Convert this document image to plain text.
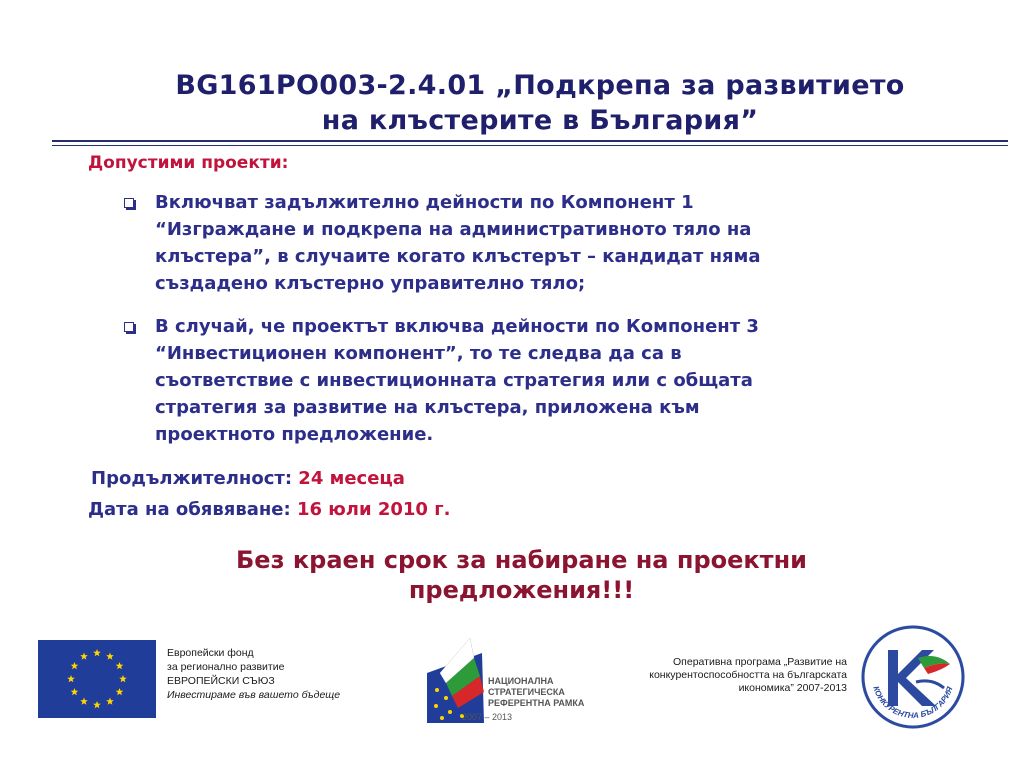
BG161PO003-2.4.01 „Подкрепа за развитието
на клъстерите в България”
Допустими проекти:
Включват задължително дейности по Компонент 1
“Изграждане и подкрепа на административното тяло на
клъстера”, в случаите когато клъстерът – кандидат няма
създадено клъстерно управително тяло;
В случай, че проектът включва дейности по Компонент 3
“Инвестиционен компонент”, то те следва да са в
съответствие с инвестиционната стратегия или с общата
стратегия за развитие на клъстера, приложена към
проектното предложение.
Продължителност: 24 месеца
Дата на обявяване: 16 юли 2010 г.
Без краен срок за набиране на проектни
предложения!!!
Европейски фонд
за регионално развитие
ЕВРОПЕЙСКИ СЪЮЗ
Инвестираме във вашето бъдеще
НАЦИОНАЛНА
СТРАТЕГИЧЕСКА
РЕФЕРЕНТНА РАМКА
2007 – 2013
Оперативна програма „Развитие на
конкурентоспособността на българската
икономика” 2007-2013	КОНКУРЕНТНА БЪЛГАРИЯ
